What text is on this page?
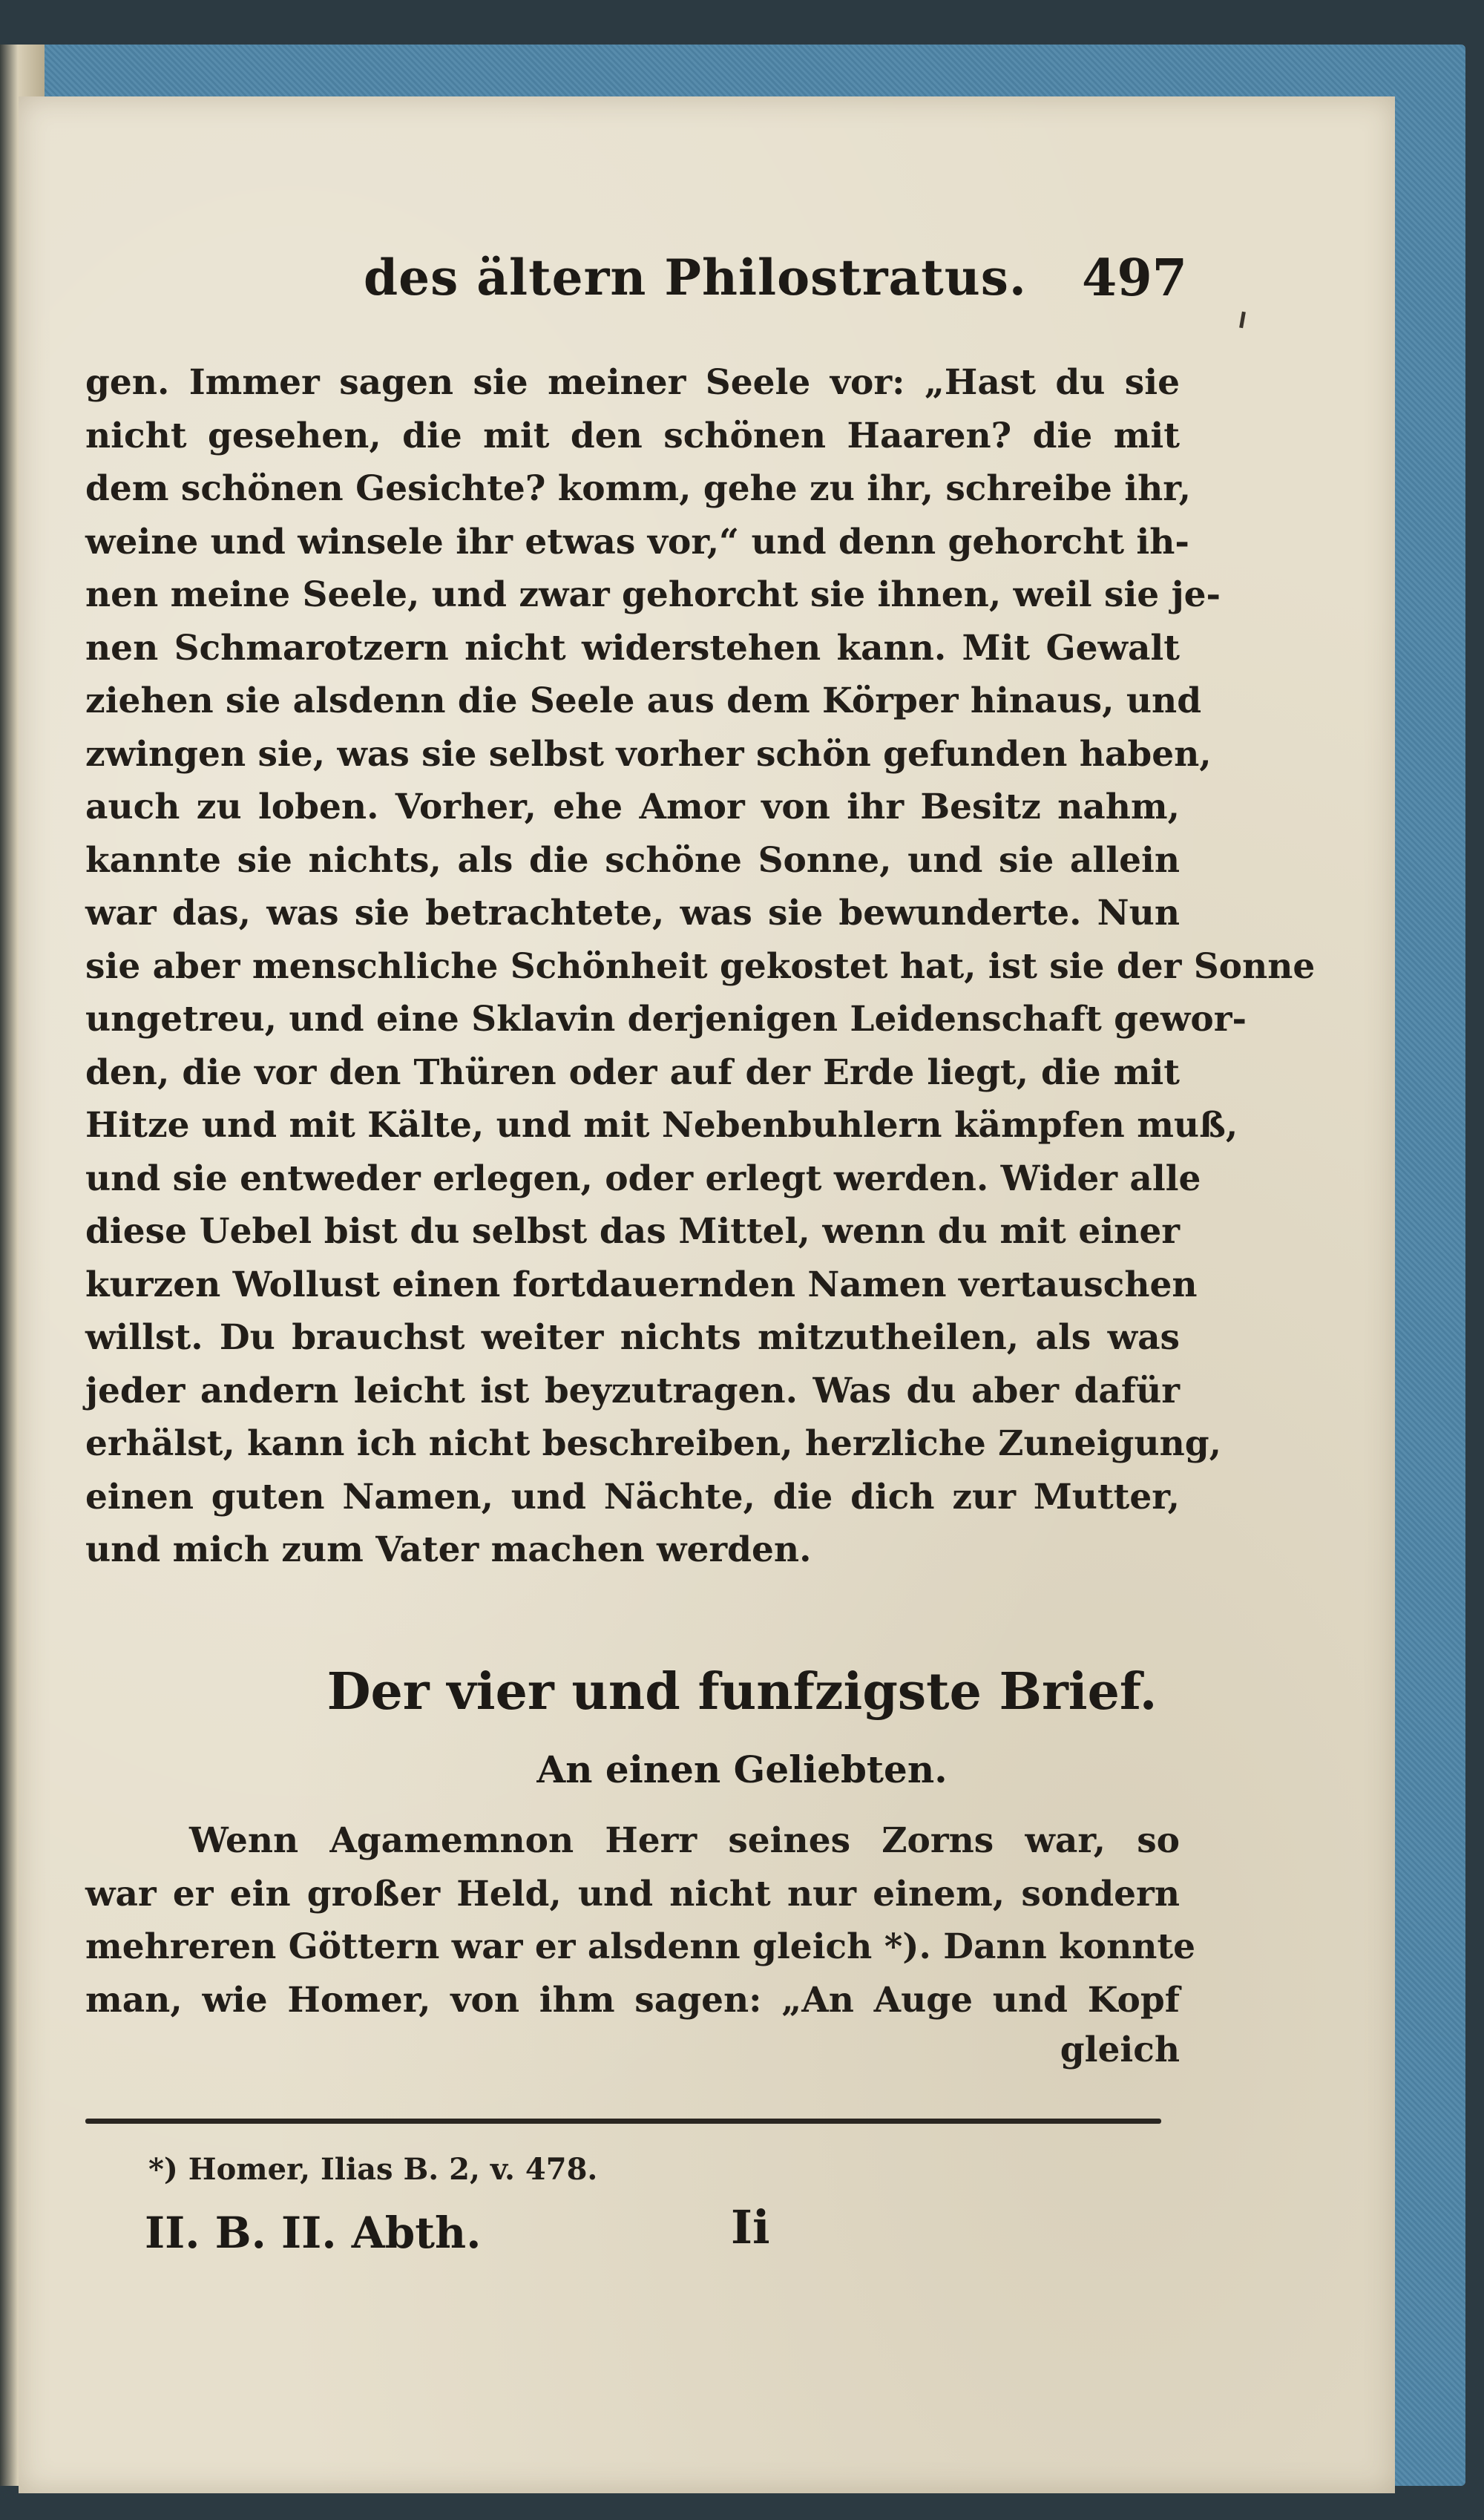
des ältern Philostratus. 497
gen. Immer sagen sie meiner Seele vor: „Hast du sie
nicht gesehen, die mit den schönen Haaren? die mit
dem schönen Gesichte? komm, gehe zu ihr, schreibe ihr,
weine und winsele ihr etwas vor,“ und denn gehorcht ih-
nen meine Seele, und zwar gehorcht sie ihnen, weil sie je-
nen Schmarotzern nicht widerstehen kann. Mit Gewalt
ziehen sie alsdenn die Seele aus dem Körper hinaus, und
zwingen sie, was sie selbst vorher schön gefunden haben,
auch zu loben. Vorher, ehe Amor von ihr Besitz nahm,
kannte sie nichts, als die schöne Sonne, und sie allein
war das, was sie betrachtete, was sie bewunderte. Nun
sie aber menschliche Schönheit gekostet hat, ist sie der Sonne
ungetreu, und eine Sklavin derjenigen Leidenschaft gewor-
den, die vor den Thüren oder auf der Erde liegt, die mit
Hitze und mit Kälte, und mit Nebenbuhlern kämpfen muß,
und sie entweder erlegen, oder erlegt werden. Wider alle
diese Uebel bist du selbst das Mittel, wenn du mit einer
kurzen Wollust einen fortdauernden Namen vertauschen
willst. Du brauchst weiter nichts mitzutheilen, als was
jeder andern leicht ist beyzutragen. Was du aber dafür
erhälst, kann ich nicht beschreiben, herzliche Zuneigung,
einen guten Namen, und Nächte, die dich zur Mutter,
und mich zum Vater machen werden.
Der vier und funfzigste Brief.
An einen Geliebten.
Wenn Agamemnon Herr seines Zorns war, so
war er ein großer Held, und nicht nur einem, sondern
mehreren Göttern war er alsdenn gleich *). Dann konnte
man, wie Homer, von ihm sagen: „An Auge und Kopf
gleich
*) Homer, Ilias B. 2, v. 478.
II. B. II. Abth.	Ii
